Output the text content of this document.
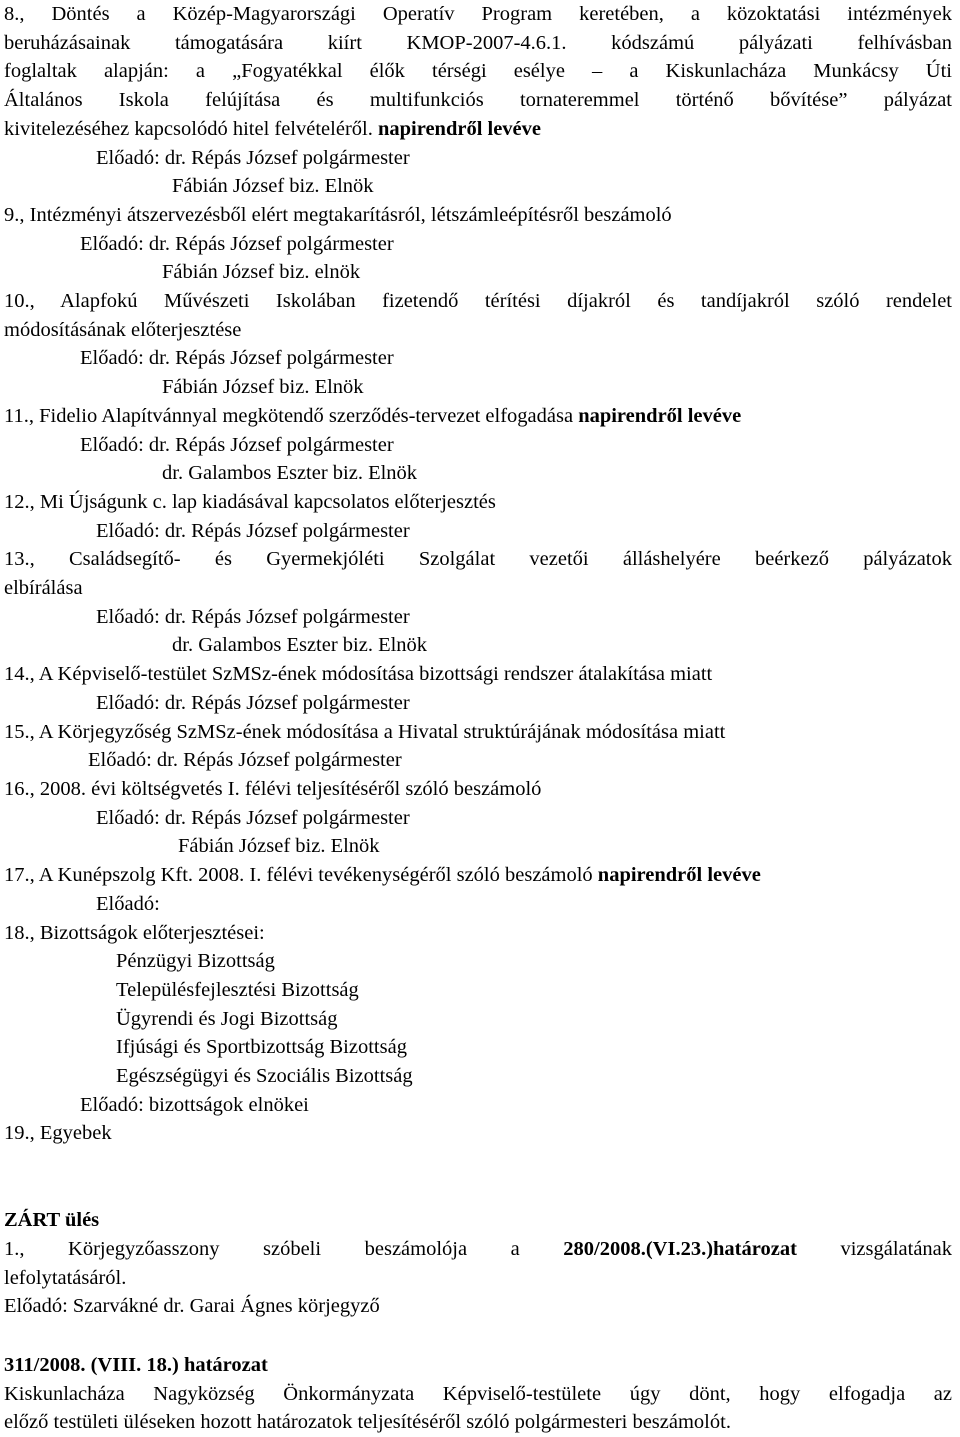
8., Döntés a Közép-Magyarországi Operatív Program keretében, a közoktatási intézmények
beruházásainak támogatására kiírt KMOP-2007-4.6.1. kódszámú pályázati felhívásban
foglaltak alapján: a „Fogyatékkal élők térségi esélye – a Kiskunlacháza Munkácsy Úti
Általános Iskola felújítása és multifunkciós tornateremmel történő bővítése” pályázat
kivitelezéséhez kapcsolódó hitel felvételéről. napirendről levéve
Előadó: dr. Répás József polgármester
Fábián József biz. Elnök
9., Intézményi átszervezésből elért megtakarításról, létszámleépítésről beszámoló
Előadó: dr. Répás József polgármester
Fábián József biz. elnök
10., Alapfokú Művészeti Iskolában fizetendő térítési díjakról és tandíjakról szóló rendelet
módosításának előterjesztése
Előadó: dr. Répás József polgármester
Fábián József biz. Elnök
11., Fidelio Alapítvánnyal megkötendő szerződés-tervezet elfogadása napirendről levéve
Előadó: dr. Répás József polgármester
dr. Galambos Eszter biz. Elnök
12., Mi Újságunk c. lap kiadásával kapcsolatos előterjesztés
Előadó: dr. Répás József polgármester
13., Családsegítő- és Gyermekjóléti Szolgálat vezetői álláshelyére beérkező pályázatok
elbírálása
Előadó: dr. Répás József polgármester
dr. Galambos Eszter biz. Elnök
14., A Képviselő-testület SzMSz-ének módosítása bizottsági rendszer átalakítása miatt
Előadó: dr. Répás József polgármester
15., A Körjegyzőség SzMSz-ének módosítása a Hivatal struktúrájának módosítása miatt
Előadó: dr. Répás József polgármester
16., 2008. évi költségvetés I. félévi teljesítéséről szóló beszámoló
Előadó: dr. Répás József polgármester
Fábián József biz. Elnök
17., A Kunépszolg Kft. 2008. I. félévi tevékenységéről szóló beszámoló napirendről levéve
Előadó:
18., Bizottságok előterjesztései:
Pénzügyi Bizottság
Településfejlesztési Bizottság
Ügyrendi és Jogi Bizottság
Ifjúsági és Sportbizottság Bizottság
Egészségügyi és Szociális Bizottság
Előadó: bizottságok elnökei
19., Egyebek
ZÁRT ülés
1., Körjegyzőasszony szóbeli beszámolója a 280/2008.(VI.23.)határozat vizsgálatának
lefolytatásáról.
Előadó: Szarvákné dr. Garai Ágnes körjegyző
311/2008. (VIII. 18.) határozat
Kiskunlacháza Nagyközség Önkormányzata Képviselő-testülete úgy dönt, hogy elfogadja az
előző testületi üléseken hozott határozatok teljesítéséről szóló polgármesteri beszámolót.
